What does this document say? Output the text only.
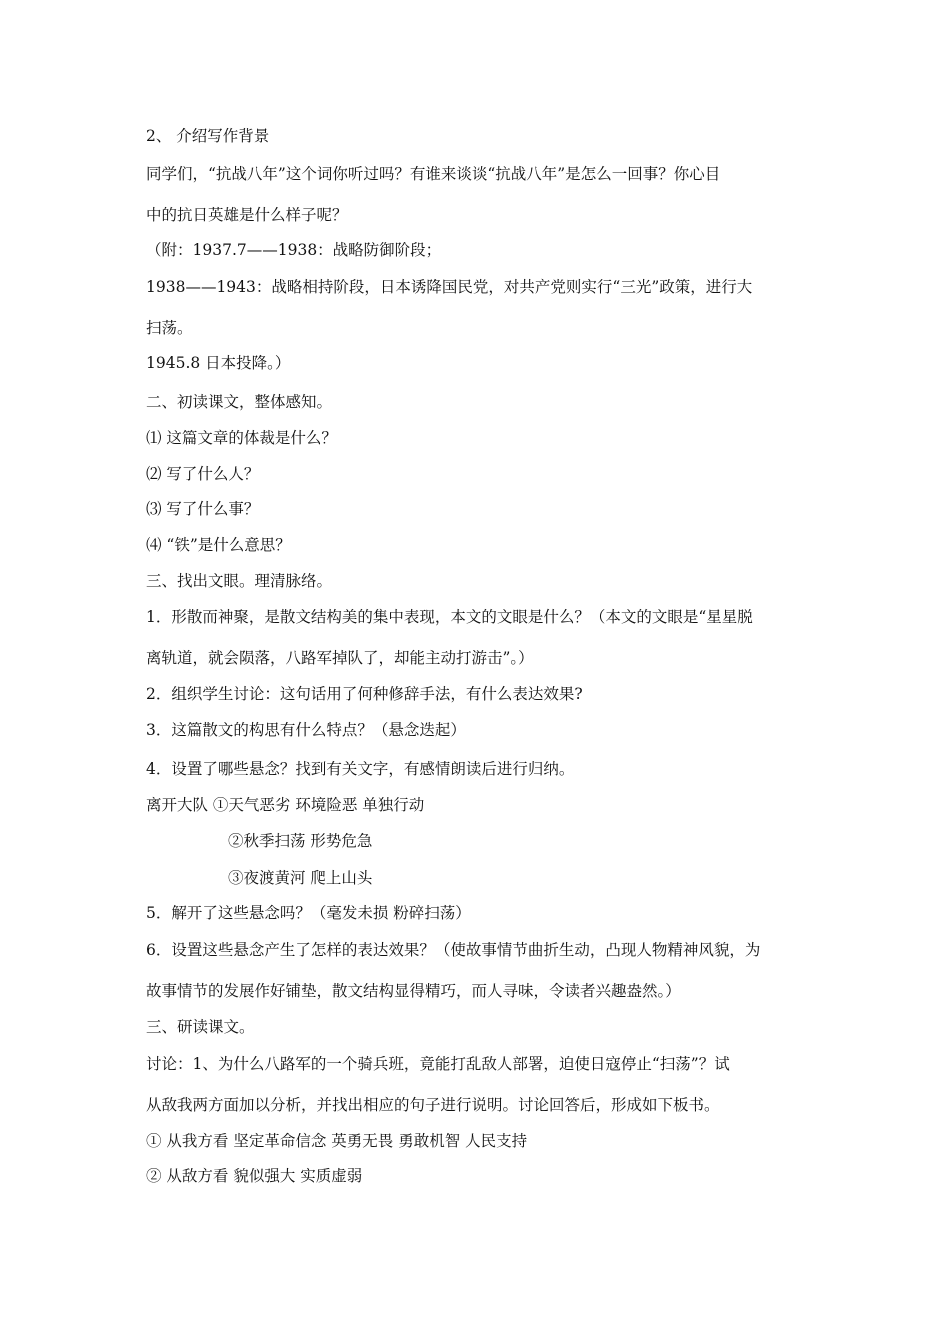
2、 介绍写作背景
同学们，“抗战八年”这个词你听过吗？有谁来谈谈“抗战八年”是怎么一回事？你心目
中的抗日英雄是什么样子呢？
（附：1937.7——1938：战略防御阶段；
1938——1943：战略相持阶段，日本诱降国民党，对共产党则实行“三光”政策，进行大
扫荡。
1945.8 日本投降。）
二、初读课文，整体感知。
⑴ 这篇文章的体裁是什么？
⑵ 写了什么人？
⑶ 写了什么事？
⑷ “铁”是什么意思？
三、找出文眼。理清脉络。
1．形散而神聚，是散文结构美的集中表现，本文的文眼是什么？（本文的文眼是“星星脱
离轨道，就会陨落，八路军掉队了，却能主动打游击”。）
2．组织学生讨论：这句话用了何种修辞手法，有什么表达效果?
3．这篇散文的构思有什么特点？（悬念迭起）
4．设置了哪些悬念？找到有关文字，有感情朗读后进行归纳。
离开大队 ①天气恶劣 环境险恶 单独行动
②秋季扫荡 形势危急
③夜渡黄河 爬上山头
5．解开了这些悬念吗？（毫发未损 粉碎扫荡）
6．设置这些悬念产生了怎样的表达效果？（使故事情节曲折生动，凸现人物精神风貌，为
故事情节的发展作好铺垫，散文结构显得精巧，而人寻味，令读者兴趣盎然。）
三、研读课文。
讨论：1、为什么八路军的一个骑兵班，竟能打乱敌人部署，迫使日寇停止“扫荡”？试
从敌我两方面加以分析，并找出相应的句子进行说明。讨论回答后，形成如下板书。
① 从我方看 坚定革命信念 英勇无畏 勇敢机智 人民支持
② 从敌方看 貌似强大 实质虚弱
